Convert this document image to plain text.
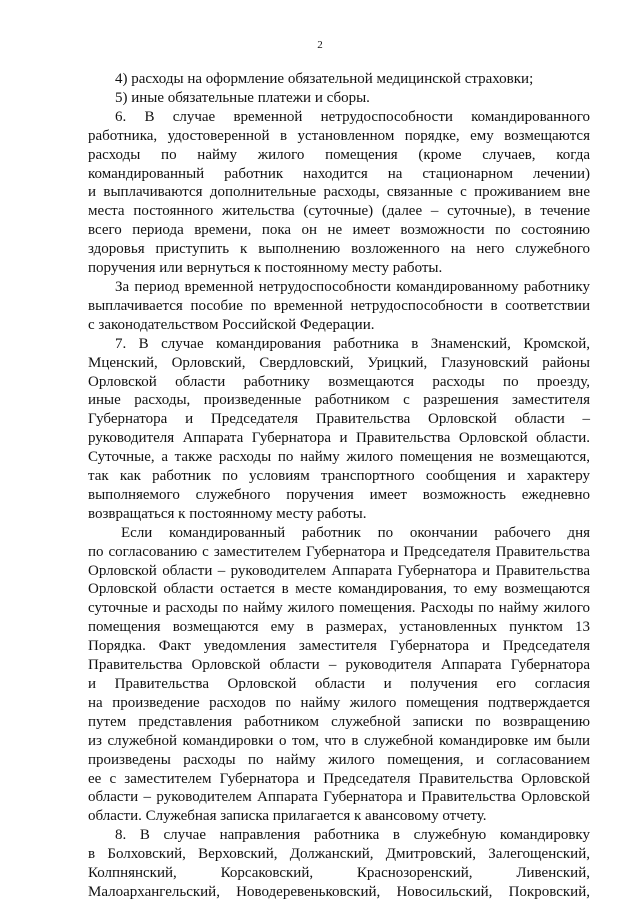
2
4) расходы на оформление обязательной медицинской страховки;
5) иные обязательные платежи и сборы.
6. В случае временной нетрудоспособности командированного
работника, удостоверенной в установленном порядке, ему возмещаются
расходы по найму жилого помещения (кроме случаев, когда
командированный работник находится на стационарном лечении)
и выплачиваются дополнительные расходы, связанные с проживанием вне
места постоянного жительства (суточные) (далее – суточные), в течение
всего периода времени, пока он не имеет возможности по состоянию
здоровья приступить к выполнению возложенного на него служебного
поручения или вернуться к постоянному месту работы.
За период временной нетрудоспособности командированному работнику
выплачивается пособие по временной нетрудоспособности в соответствии
с законодательством Российской Федерации.
7. В случае командирования работника в Знаменский, Кромской,
Мценский, Орловский, Свердловский, Урицкий, Глазуновский районы
Орловской области работнику возмещаются расходы по проезду,
иные расходы, произведенные работником с разрешения заместителя
Губернатора и Председателя Правительства Орловской области –
руководителя Аппарата Губернатора и Правительства Орловской области.
Суточные, а также расходы по найму жилого помещения не возмещаются,
так как работник по условиям транспортного сообщения и характеру
выполняемого служебного поручения имеет возможность ежедневно
возвращаться к постоянному месту работы.
Если командированный работник по окончании рабочего дня
по согласованию с заместителем Губернатора и Председателя Правительства
Орловской области – руководителем Аппарата Губернатора и Правительства
Орловской области остается в месте командирования, то ему возмещаются
суточные и расходы по найму жилого помещения. Расходы по найму жилого
помещения возмещаются ему в размерах, установленных пунктом 13
Порядка. Факт уведомления заместителя Губернатора и Председателя
Правительства Орловской области – руководителя Аппарата Губернатора
и Правительства Орловской области и получения его согласия
на произведение расходов по найму жилого помещения подтверждается
путем представления работником служебной записки по возвращению
из служебной командировки о том, что в служебной командировке им были
произведены расходы по найму жилого помещения, и согласованием
ее с заместителем Губернатора и Председателя Правительства Орловской
области – руководителем Аппарата Губернатора и Правительства Орловской
области. Служебная записка прилагается к авансовому отчету.
8. В случае направления работника в служебную командировку
в Болховский, Верховский, Должанский, Дмитровский, Залегощенский,
Колпнянский, Корсаковский, Краснозоренский, Ливенский,
Малоархангельский, Новодеревеньковский, Новосильский, Покровский,
